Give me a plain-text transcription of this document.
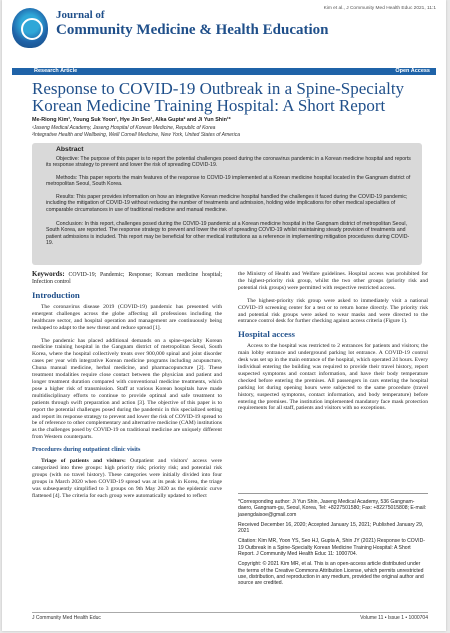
Journal of
Community Medicine & Health Education
Kim et al., J Community Med Health Educ 2021, 11:1
Research Article	Open Access
Response to COVID-19 Outbreak in a Spine-Specialty Korean Medicine Training Hospital: A Short Report
Me-Riong Kim¹, Young Suk Yoon¹, Hye Jin Seo¹, Alka Gupta² and Ji Yun Shin¹*
¹Jaseng Medical Academy, Jaseng Hospital of Korean Medicine, Republic of Korea
²Integrative Health and Wellbeing, Weill Cornell Medicine, New York, United States of America
Abstract

Objective: The purpose of this paper is to report the potential challenges posed during the coronavirus pandemic in a Korean medicine hospital and reports its response strategy to prevent and lower the risk of spreading COVID-19.

Methods: This paper reports the main features of the response to COVID-19 implemented at a Korean medicine hospital located in the Gangnam district of metropolitan Seoul, South Korea.

Results: This paper provides information on how an integrative Korean medicine hospital handled the challenges it faced during the COVID-19 pandemic; including the mitigation of COVID-19 without reducing the number of treatments and admission, holding wide implications for other medical specialties of comparable circumstances in use of traditional medicine and manual medicine.

Conclusion: In this report, challenges posed during the COVID-19 pandemic at a Korean medicine hospital in the Gangnam district of metropolitan Seoul, South Korea, are reported. The response strategy to prevent and lower the risk of spreading COVID-19 whilst maintaining steady provision of treatments and patient admissions is included. This report may be beneficial for other medical institutions as a reference in implementing mitigation procedures during COVID-19.

Keywords: COVID-19; Pandemic; Response; Korean medicine hospital; Infection control
Introduction

The coronavirus disease 2019 (COVID-19) pandemic has presented with emergent challenges across the globe affecting all professions including the healthcare sector, and hospital operation and management are continuously being reshaped to adapt to the new threat and reduce spread [1].

The pandemic has placed additional demands on a spine-specialty Korean medicine training hospital in the Gangnam district of metropolitan Seoul, South Korea, where the hospital collectively treats over 900,000 spinal and joint disorder cases per year with integrative Korean medicine programs including acupuncture, Chuna manual medicine, herbal medicine, and pharmacopuncture [2]. These treatment modalities require close contact between the physician and patient and longer treatment duration compared with conventional medicine treatments, which pose a higher risk of transmission. Staff at various Korean hospitals have made multidisciplinary efforts to continue to provide optimal and safe treatment to patients through swift preparation and action [3]. The objective of this paper is to report the potential challenges posed during the pandemic in this specialized setting and report its response strategy to prevent and lower the risk of COVID-19 spread to be of reference to other complementary and alternative medicine (CAM) institutions as the challenges posed by COVID-19 on traditional medicine are uniquely different from Western counterparts.

Procedures during outpatient clinic visits

Triage of patients and visitors: Outpatient and visitors' access were categorized into three groups: high priority risk; priority risk; and potential risk groups (with no travel history). These categories were initially divided into four groups in March 2020 when COVID-19 spread was at its peak in Korea, the triage was subsequently simplified to 3 groups on 9th May 2020 as the epidemic curve flattened [4]. The criteria for each group were automatically updated to reflect

the Ministry of Health and Welfare guidelines. Hospital access was prohibited for the highest-priority risk group, whilst the two other groups (priority risk and potential risk groups) were permitted with respective restricted access.

The highest-priority risk group were asked to immediately visit a national COVID-19 screening center for a test or to return home directly. The priority risk and potential risk groups were asked to wear masks and were directed to the entrance control desk for further checking against access criteria (Figure 1).

Hospital access

Access to the hospital was restricted to 2 entrances for patients and visitors; the main lobby entrance and underground parking lot entrance. A COVID-19 control desk was set up in the main entrance of the hospital, which operated 24 hours. Every individual entering the building was required to provide their travel history, report suspected symptoms and contact information, and have their body temperature checked before entering the premises. All passengers in cars entering the hospital parking lot during opening hours were subjected to the same procedure (travel history, suspected symptoms, contact information, and body temperature) before entering the premises. The institution implemented mandatory face mask protection requirements for all staff, patients and visitors with no exceptions.

*Corresponding author: Ji Yun Shin, Jaseng Medical Academy, 536 Gangnam-daero, Gangnam-gu, Seoul, Korea, Tel: +8227501580; Fax: +82275015808; E-mail: jasengdaisoe@gmail.com

Received December 16, 2020; Accepted January 15, 2021; Published January 29, 2021

Citation: Kim MR, Yoon YS, Seo HJ, Gupta A, Shin JY (2021) Response to COVID-19 Outbreak in a Spine-Specialty Korean Medicine Training Hospital: A Short Report. J Community Med Health Educ 11: 1000704.

Copyright: © 2021 Kim MR, et al. This is an open-access article distributed under the terms of the Creative Commons Attribution License, which permits unrestricted use, distribution, and reproduction in any medium, provided the original author and source are credited.

J Community Med Health Educ	Volume 11 • Issue 1 • 1000704
